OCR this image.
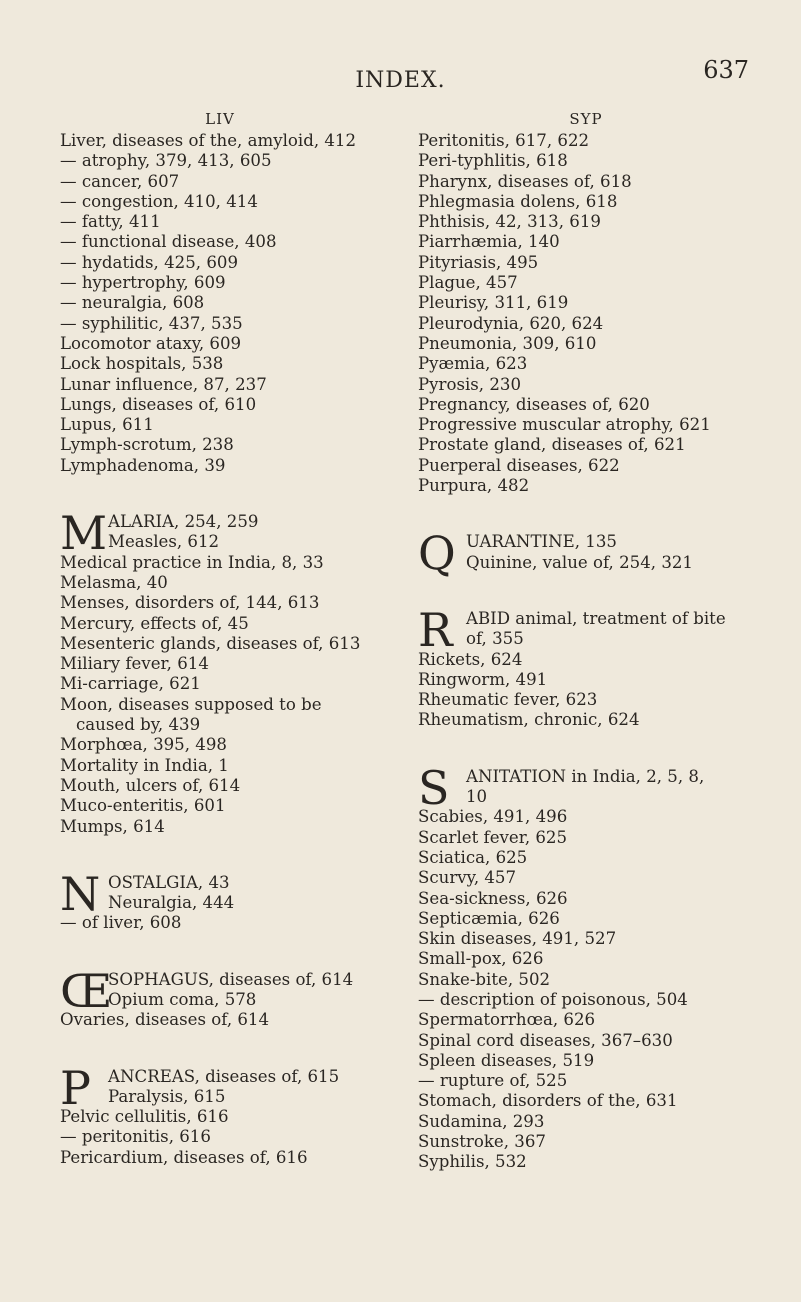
INDEX.	637
LIV
Liver, diseases of the, amyloid, 412
— atrophy, 379, 413, 605
— cancer, 607
— congestion, 410, 414
— fatty, 411
— functional disease, 408
— hydatids, 425, 609
— hypertrophy, 609
— neuralgia, 608
— syphilitic, 437, 535
Locomotor ataxy, 609
Lock hospitals, 538
Lunar influence, 87, 237
Lungs, diseases of, 610
Lupus, 611
Lymph-scrotum, 238
Lymphadenoma, 39
M ALARIA, 254, 259
Measles, 612
Medical practice in India, 8, 33
Melasma, 40
Menses, disorders of, 144, 613
Mercury, effects of, 45
Mesenteric glands, diseases of, 613
Miliary fever, 614
Mi-carriage, 621
Moon, diseases supposed to be caused by, 439
Morphœa, 395, 498
Mortality in India, 1
Mouth, ulcers of, 614
Muco-enteritis, 601
Mumps, 614
N OSTALGIA, 43
Neuralgia, 444
— of liver, 608
Œ
SOPHAGUS, diseases of, 614
Opium coma, 578
Ovaries, diseases of, 614
P	ANCREAS, diseases of, 615
Paralysis, 615
Pelvic cellulitis, 616
— peritonitis, 616
Pericardium, diseases of, 616
SYP
Peritonitis, 617, 622
Peri-typhlitis, 618
Pharynx, diseases of, 618
Phlegmasia dolens, 618
Phthisis, 42, 313, 619
Piarrhæmia, 140
Pityriasis, 495
Plague, 457
Pleurisy, 311, 619
Pleurodynia, 620, 624
Pneumonia, 309, 610
Pyæmia, 623
Pyrosis, 230
Pregnancy, diseases of, 620
Progressive muscular atrophy, 621
Prostate gland, diseases of, 621
Puerperal diseases, 622
Purpura, 482
Q UARANTINE, 135
Quinine, value of, 254, 321
R ABID animal, treatment of bite
of, 355
Rickets, 624
Ringworm, 491
Rheumatic fever, 623
Rheumatism, chronic, 624
S ANITATION in India, 2, 5, 8,
10
Scabies, 491, 496
Scarlet fever, 625
Sciatica, 625
Scurvy, 457
Sea-sickness, 626
Septicæmia, 626
Skin diseases, 491, 527
Small-pox, 626
Snake-bite, 502
— description of poisonous, 504
Spermatorrhœa, 626
Spinal cord diseases, 367–630
Spleen diseases, 519
— rupture of, 525
Stomach, disorders of the, 631
Sudamina, 293
Sunstroke, 367
Syphilis, 532
